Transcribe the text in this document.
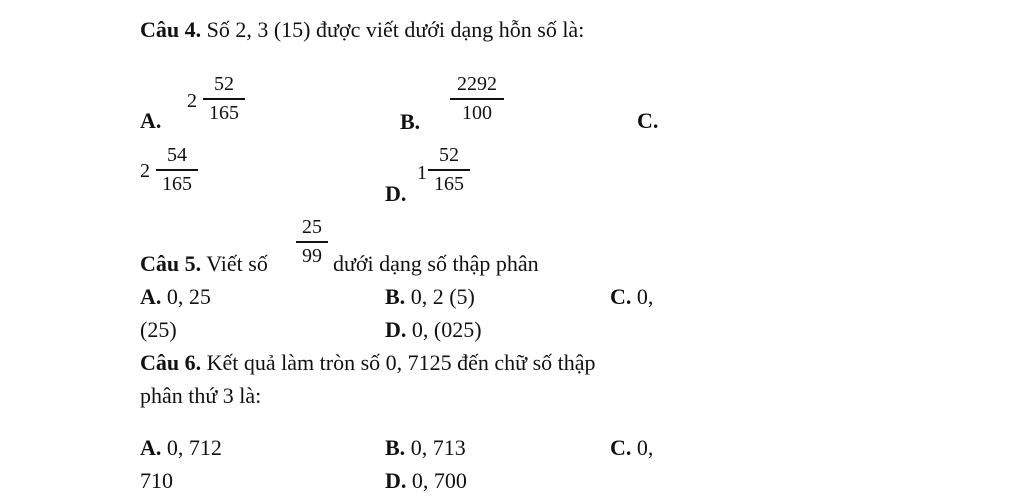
Câu 4. Số 2, 3 (15) được viết dưới dạng hỗn số là:
A.
2
52
165	B.
2292
100	C.
2
54
165	D.
1
52
165
Câu 5. Viết số
25
99 dưới dạng số thập phân
A. 0, 25	B. 0, 2 (5)	C. 0,
(25)	D. 0, (025)
Câu 6. Kết quả làm tròn số 0, 7125 đến chữ số thập
phân thứ 3 là:
A. 0, 712	B. 0, 713	C. 0,
710	D. 0, 700
